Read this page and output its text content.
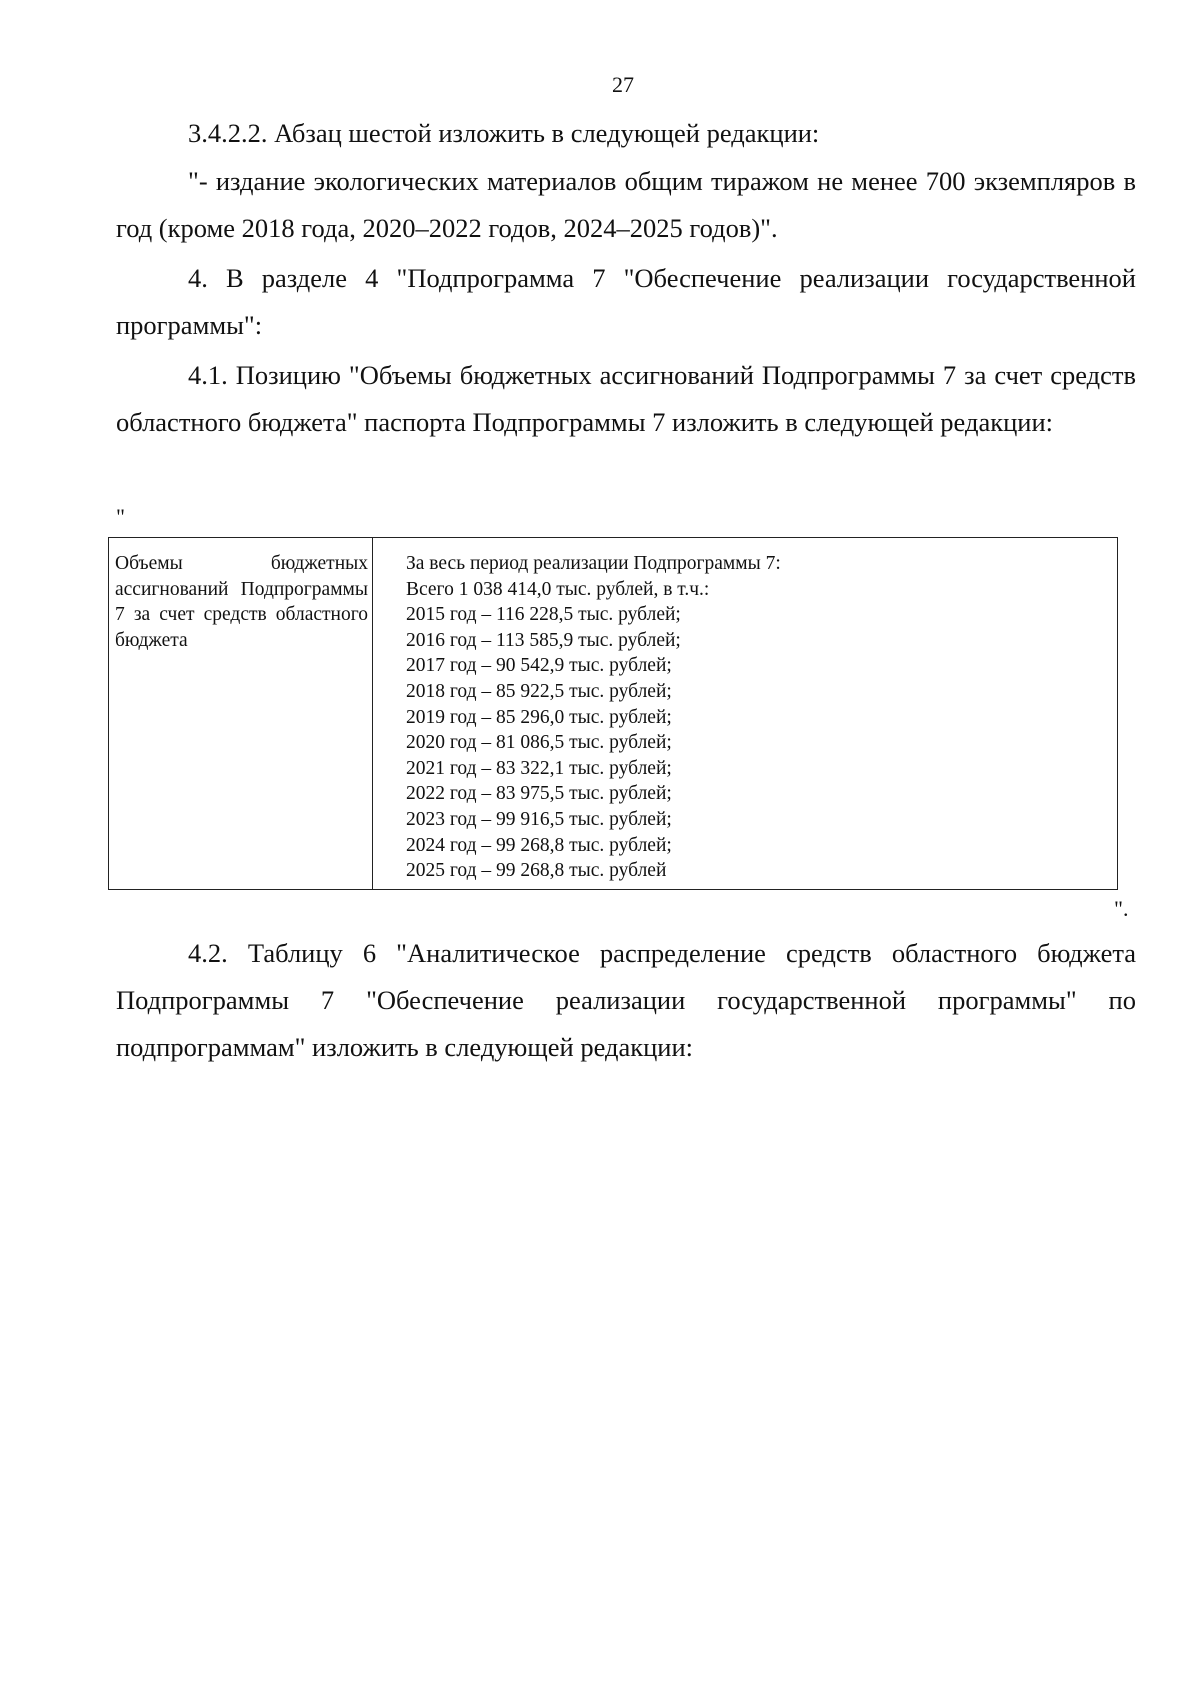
27

3.4.2.2. Абзац шестой изложить в следующей редакции:

"- издание экологических материалов общим тиражом не менее 700 экземпляров в год (кроме 2018 года, 2020–2022 годов, 2024–2025 годов)".

4. В разделе 4 "Подпрограмма 7 "Обеспечение реализации государственной программы":

4.1. Позицию "Объемы бюджетных ассигнований Подпрограммы 7 за счет средств областного бюджета" паспорта Подпрограммы 7 изложить в следующей редакции:

"
Объемы бюджетных ассигнований Подпрограммы 7 за счет средств областного бюджета
За весь период реализации Подпрограммы 7:
Всего 1 038 414,0 тыс. рублей, в т.ч.:
2015 год – 116 228,5 тыс. рублей;
2016 год – 113 585,9 тыс. рублей;
2017 год – 90 542,9 тыс. рублей;
2018 год – 85 922,5 тыс. рублей;
2019 год – 85 296,0 тыс. рублей;
2020 год – 81 086,5 тыс. рублей;
2021 год – 83 322,1 тыс. рублей;
2022 год – 83 975,5 тыс. рублей;
2023 год – 99 916,5 тыс. рублей;
2024 год – 99 268,8 тыс. рублей;
2025 год – 99 268,8 тыс. рублей
".

4.2. Таблицу 6 "Аналитическое распределение средств областного бюджета Подпрограммы 7 "Обеспечение реализации государственной программы" по подпрограммам" изложить в следующей редакции:
